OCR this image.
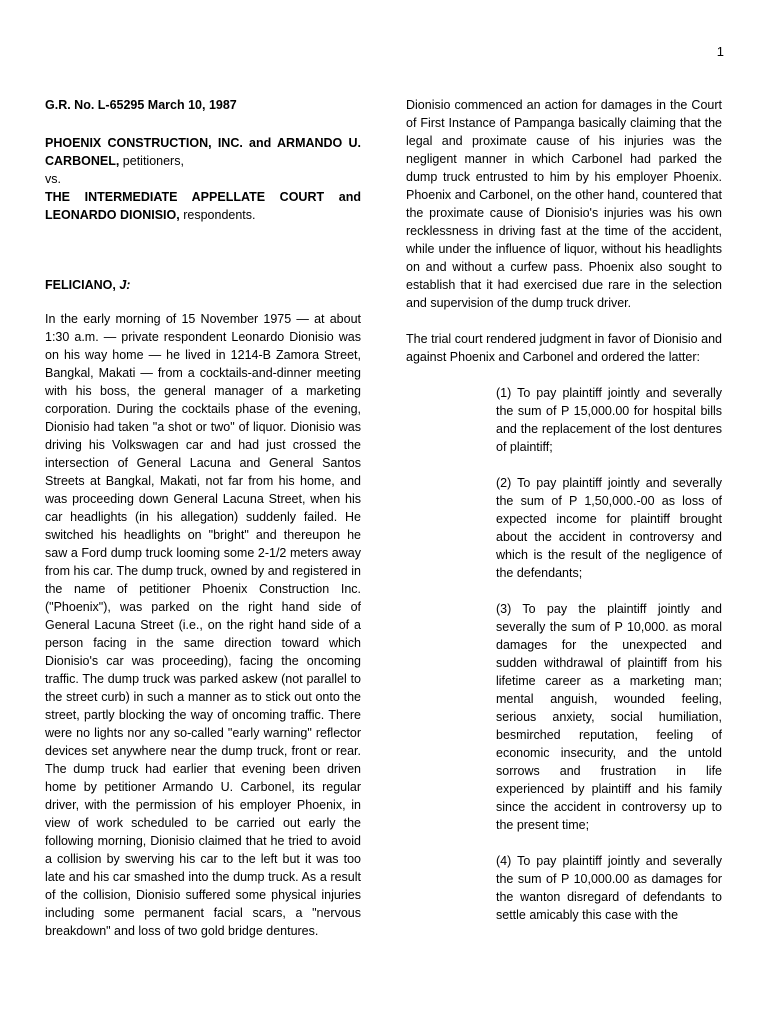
1

G.R. No. L-65295 March 10, 1987

PHOENIX CONSTRUCTION, INC. and ARMANDO U. CARBONEL, petitioners,

vs.

THE INTERMEDIATE APPELLATE COURT and LEONARDO DIONISIO, respondents.

FELICIANO, J:

In the early morning of 15 November 1975 — at about 1:30 a.m. — private respondent Leonardo Dionisio was on his way home — he lived in 1214-B Zamora Street, Bangkal, Makati — from a cocktails-and-dinner meeting with his boss, the general manager of a marketing corporation. During the cocktails phase of the evening, Dionisio had taken "a shot or two" of liquor. Dionisio was driving his Volkswagen car and had just crossed the intersection of General Lacuna and General Santos Streets at Bangkal, Makati, not far from his home, and was proceeding down General Lacuna Street, when his car headlights (in his allegation) suddenly failed. He switched his headlights on "bright" and thereupon he saw a Ford dump truck looming some 2-1/2 meters away from his car. The dump truck, owned by and registered in the name of petitioner Phoenix Construction Inc. ("Phoenix"), was parked on the right hand side of General Lacuna Street (i.e., on the right hand side of a person facing in the same direction toward which Dionisio's car was proceeding), facing the oncoming traffic. The dump truck was parked askew (not parallel to the street curb) in such a manner as to stick out onto the street, partly blocking the way of oncoming traffic. There were no lights nor any so-called "early warning" reflector devices set anywhere near the dump truck, front or rear. The dump truck had earlier that evening been driven home by petitioner Armando U. Carbonel, its regular driver, with the permission of his employer Phoenix, in view of work scheduled to be carried out early the following morning, Dionisio claimed that he tried to avoid a collision by swerving his car to the left but it was too late and his car smashed into the dump truck. As a result of the collision, Dionisio suffered some physical injuries including some permanent facial scars, a "nervous breakdown" and loss of two gold bridge dentures.

Dionisio commenced an action for damages in the Court of First Instance of Pampanga basically claiming that the legal and proximate cause of his injuries was the negligent manner in which Carbonel had parked the dump truck entrusted to him by his employer Phoenix. Phoenix and Carbonel, on the other hand, countered that the proximate cause of Dionisio's injuries was his own recklessness in driving fast at the time of the accident, while under the influence of liquor, without his headlights on and without a curfew pass. Phoenix also sought to establish that it had exercised due rare in the selection and supervision of the dump truck driver.

The trial court rendered judgment in favor of Dionisio and against Phoenix and Carbonel and ordered the latter:

(1) To pay plaintiff jointly and severally the sum of P 15,000.00 for hospital bills and the replacement of the lost dentures of plaintiff;

(2) To pay plaintiff jointly and severally the sum of P 1,50,000.-00 as loss of expected income for plaintiff brought about the accident in controversy and which is the result of the negligence of the defendants;

(3) To pay the plaintiff jointly and severally the sum of P 10,000. as moral damages for the unexpected and sudden withdrawal of plaintiff from his lifetime career as a marketing man; mental anguish, wounded feeling, serious anxiety, social humiliation, besmirched reputation, feeling of economic insecurity, and the untold sorrows and frustration in life experienced by plaintiff and his family since the accident in controversy up to the present time;

(4) To pay plaintiff jointly and severally the sum of P 10,000.00 as damages for the wanton disregard of defendants to settle amicably this case with the
